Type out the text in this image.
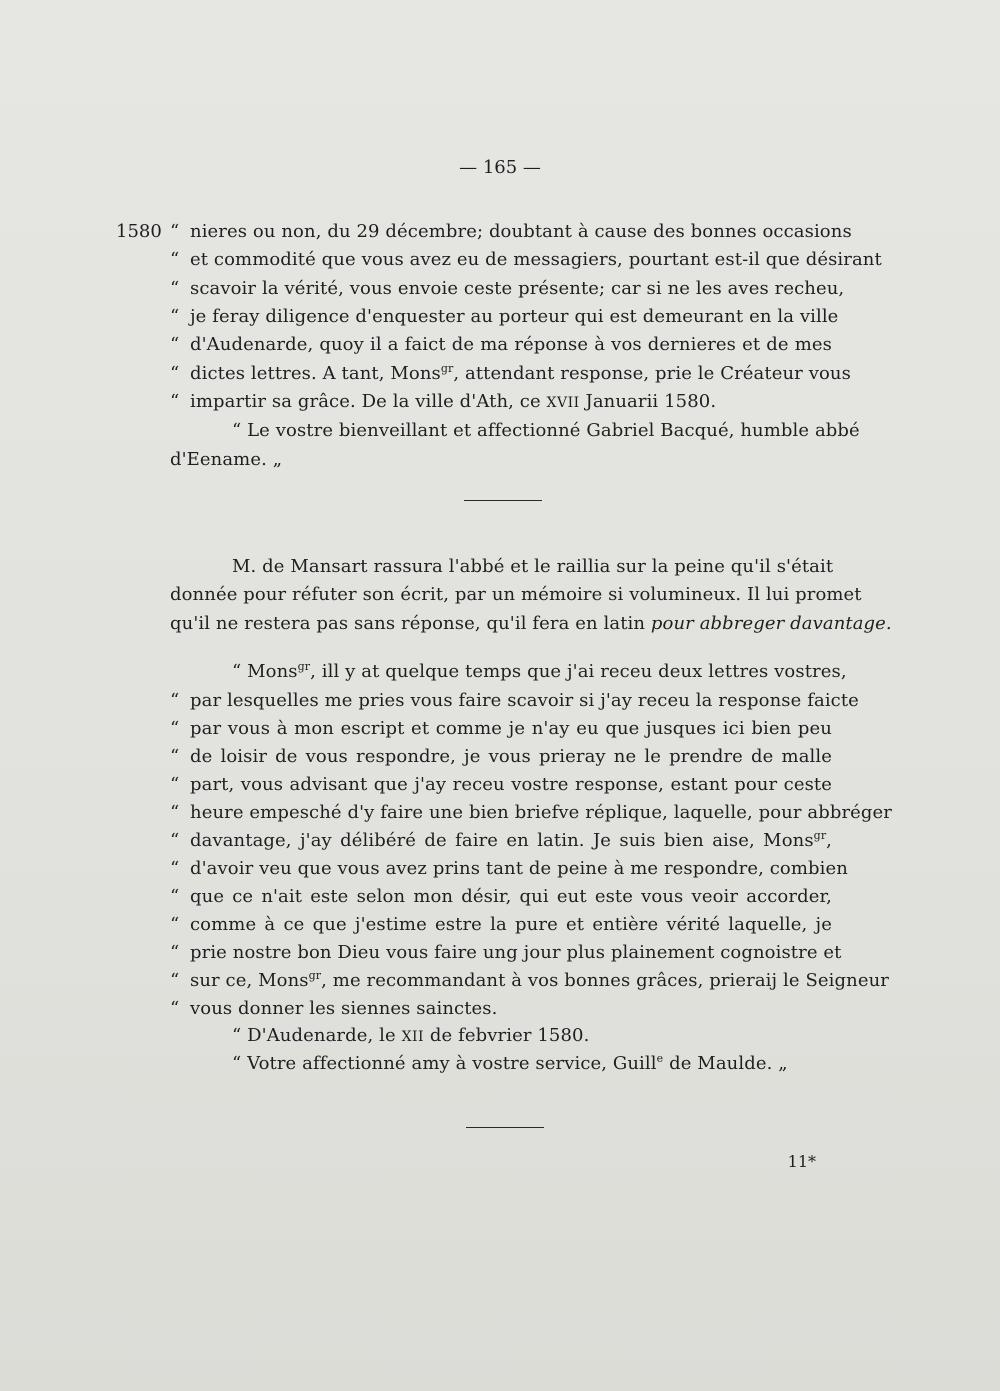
— 165 —
1580 “ nieres ou non, du 29 décembre; doubtant à cause des bonnes occasions
“ et commodité que vous avez eu de messagiers, pourtant est-il que désirant
“ scavoir la vérité, vous envoie ceste présente; car si ne les aves recheu,
“ je feray diligence d'enquester au porteur qui est demeurant en la ville
“ d'Audenarde, quoy il a faict de ma réponse à vos dernieres et de mes
“ dictes lettres. A tant, Mons$^{gr}$, attendant response, prie le Créateur vous
“ impartir sa grâce. De la ville d'Ath, ce XVII Januarii 1580.
“ Le vostre bienveillant et affectionné Gabriel Bacqué, humble abbé
d'Eename. „
M. de Mansart rassura l'abbé et le raillia sur la peine qu'il s'était
donnée pour réfuter son écrit, par un mémoire si volumineux. Il lui promet
qu'il ne restera pas sans réponse, qu'il fera en latin pour abbreger davantage.
“ Mons$^{gr}$, ill y at quelque temps que j'ai receu deux lettres vostres,
“ par lesquelles me pries vous faire scavoir si j'ay receu la response faicte
“ par vous à mon escript et comme je n'ay eu que jusques ici bien peu
“ de loisir de vous respondre, je vous prieray ne le prendre de malle
“ part, vous advisant que j'ay receu vostre response, estant pour ceste
“ heure empesché d'y faire une bien briefve réplique, laquelle, pour abbréger
“ davantage, j'ay délibéré de faire en latin. Je suis bien aise, Mons$^{gr}$,
“ d'avoir veu que vous avez prins tant de peine à me respondre, combien
“ que ce n'ait este selon mon désir, qui eut este vous veoir accorder,
“ comme à ce que j'estime estre la pure et entière vérité laquelle, je
“ prie nostre bon Dieu vous faire ung jour plus plainement cognoistre et
“ sur ce, Mons$^{gr}$, me recommandant à vos bonnes grâces, prieraij le Seigneur
“ vous donner les siennes sainctes.
“ D'Audenarde, le XII de febvrier 1580.
“ Votre affectionné amy à vostre service, Guill$^e$ de Maulde. „
11*
